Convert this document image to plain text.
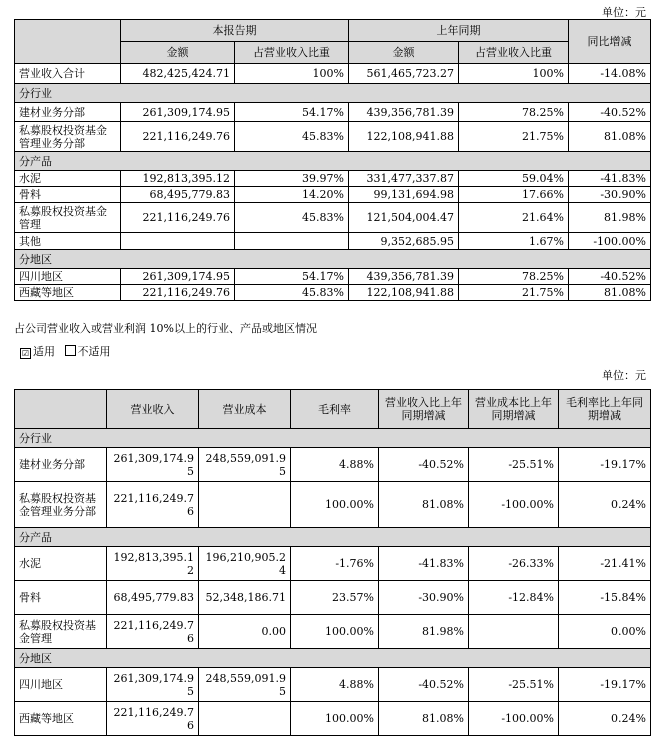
单位：元
	本报告期		上年同期		同比增减
	金额	占营业收入比重	金额	占营业收入比重	
营业收入合计	482,425,424.71	100%	561,465,723.27	100%	-14.08%
分行业					
建材业务分部	261,309,174.95	54.17%	439,356,781.39	78.25%	-40.52%
私募股权投资基金管理业务分部	221,116,249.76	45.83%	122,108,941.88	21.75%	81.08%
分产品					
水泥	192,813,395.12	39.97%	331,477,337.87	59.04%	-41.83%
骨料	68,495,779.83	14.20%	99,131,694.98	17.66%	-30.90%
私募股权投资基金管理	221,116,249.76	45.83%	121,504,004.47	21.64%	81.98%
其他			9,352,685.95	1.67%	-100.00%
分地区					
四川地区	261,309,174.95	54.17%	439,356,781.39	78.25%	-40.52%
西藏等地区	221,116,249.76	45.83%	122,108,941.88	21.75%	81.08%
占公司营业收入或营业利润 10%以上的行业、产品或地区情况
☑ 适用 不适用
单位：元
	营业收入	营业成本	毛利率	营业收入比上年同期增减	营业成本比上年同期增减	毛利率比上年同期增减
分行业						
建材业务分部	261,309,174.95	248,559,091.95	4.88%	-40.52%	-25.51%	-19.17%
私募股权投资基金管理业务分部	221,116,249.76		100.00%	81.08%	-100.00%	0.24%
分产品						
水泥	192,813,395.12	196,210,905.24	-1.76%	-41.83%	-26.33%	-21.41%
骨料	68,495,779.83	52,348,186.71	23.57%	-30.90%	-12.84%	-15.84%
私募股权投资基金管理	221,116,249.76	0.00	100.00%	81.98%		0.00%
分地区						
四川地区	261,309,174.95	248,559,091.95	4.88%	-40.52%	-25.51%	-19.17%
西藏等地区	221,116,249.76		100.00%	81.08%	-100.00%	0.24%
